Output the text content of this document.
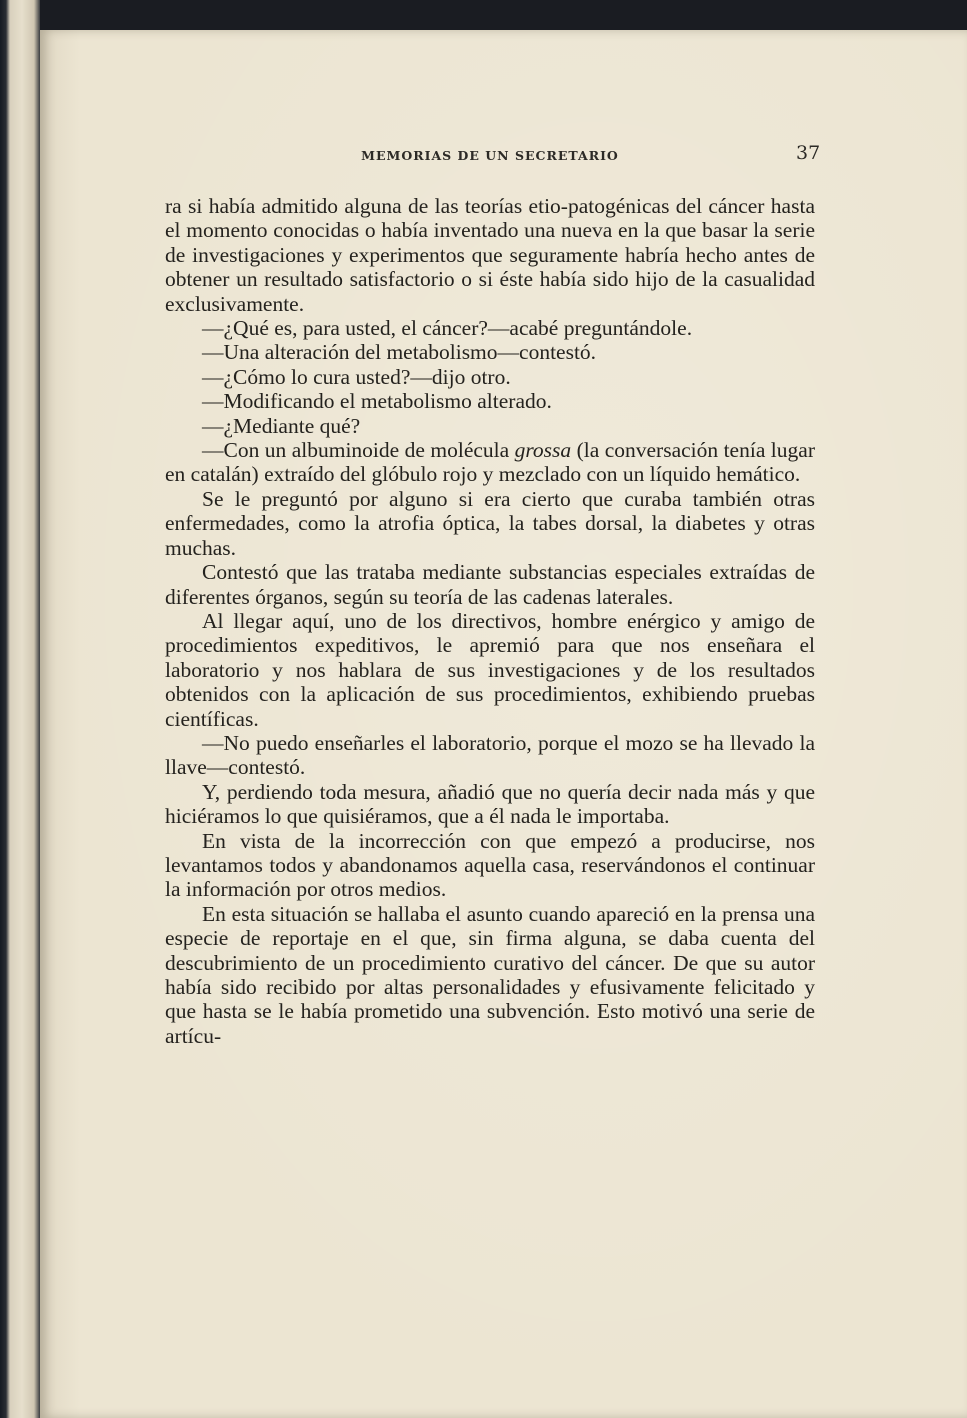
MEMORIAS DE UN SECRETARIO	37

ra si había admitido alguna de las teorías etio-patogénicas del cáncer hasta el momento conocidas o había inventado una nueva en la que basar la serie de investigaciones y experimentos que seguramente habría hecho antes de obtener un resultado satisfactorio o si éste había sido hijo de la casualidad exclusivamente.

—¿Qué es, para usted, el cáncer?—acabé preguntándole.

—Una alteración del metabolismo—contestó.

—¿Cómo lo cura usted?—dijo otro.

—Modificando el metabolismo alterado.

—¿Mediante qué?

—Con un albuminoide de molécula grossa (la conversación tenía lugar en catalán) extraído del glóbulo rojo y mezclado con un líquido hemático.

Se le preguntó por alguno si era cierto que curaba también otras enfermedades, como la atrofia óptica, la tabes dorsal, la diabetes y otras muchas.

Contestó que las trataba mediante substancias especiales extraídas de diferentes órganos, según su teoría de las cadenas laterales.

Al llegar aquí, uno de los directivos, hombre enérgico y amigo de procedimientos expeditivos, le apremió para que nos enseñara el laboratorio y nos hablara de sus investigaciones y de los resultados obtenidos con la aplicación de sus procedimientos, exhibiendo pruebas científicas.

—No puedo enseñarles el laboratorio, porque el mozo se ha llevado la llave—contestó.

Y, perdiendo toda mesura, añadió que no quería decir nada más y que hiciéramos lo que quisiéramos, que a él nada le importaba.

En vista de la incorrección con que empezó a producirse, nos levantamos todos y abandonamos aquella casa, reservándonos el continuar la información por otros medios.

En esta situación se hallaba el asunto cuando apareció en la prensa una especie de reportaje en el que, sin firma alguna, se daba cuenta del descubrimiento de un procedimiento curativo del cáncer. De que su autor había sido recibido por altas personalidades y efusivamente felicitado y que hasta se le había prometido una subvención. Esto motivó una serie de artícu-
